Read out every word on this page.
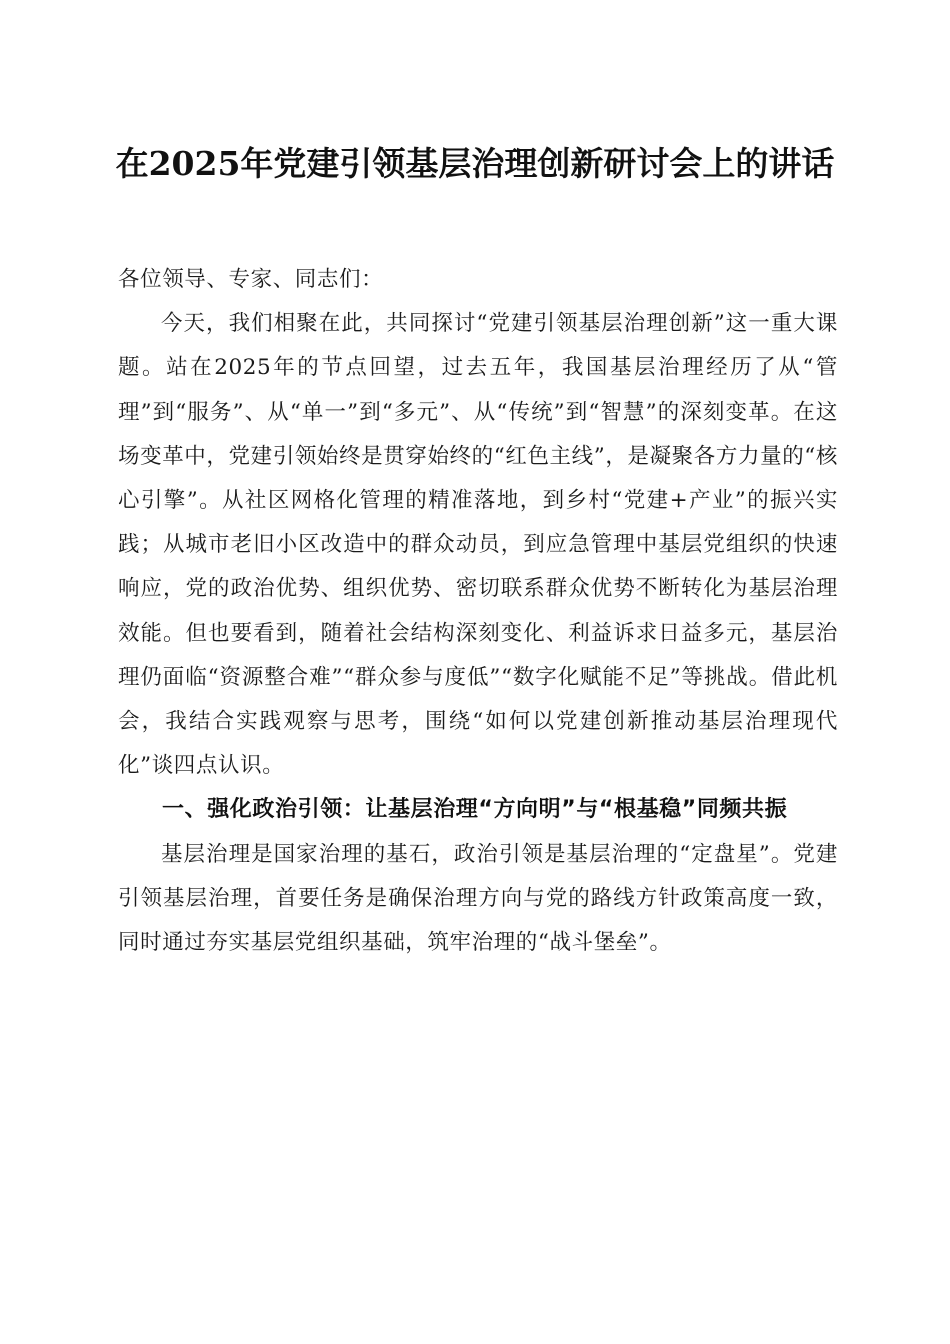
在2025年党建引领基层治理创新研讨会上的讲话

各位领导、专家、同志们：

今天，我们相聚在此，共同探讨“党建引领基层治理创新”这一重大课题。站在2025年的节点回望，过去五年，我国基层治理经历了从“管理”到“服务”、从“单一”到“多元”、从“传统”到“智慧”的深刻变革。在这场变革中，党建引领始终是贯穿始终的“红色主线”，是凝聚各方力量的“核心引擎”。从社区网格化管理的精准落地，到乡村“党建+产业”的振兴实践；从城市老旧小区改造中的群众动员，到应急管理中基层党组织的快速响应，党的政治优势、组织优势、密切联系群众优势不断转化为基层治理效能。但也要看到，随着社会结构深刻变化、利益诉求日益多元，基层治理仍面临“资源整合难”“群众参与度低”“数字化赋能不足”等挑战。借此机会，我结合实践观察与思考，围绕“如何以党建创新推动基层治理现代化”谈四点认识。

一、强化政治引领：让基层治理“方向明”与“根基稳”同频共振

基层治理是国家治理的基石，政治引领是基层治理的“定盘星”。党建引领基层治理，首要任务是确保治理方向与党的路线方针政策高度一致，同时通过夯实基层党组织基础，筑牢治理的“战斗堡垒”。
